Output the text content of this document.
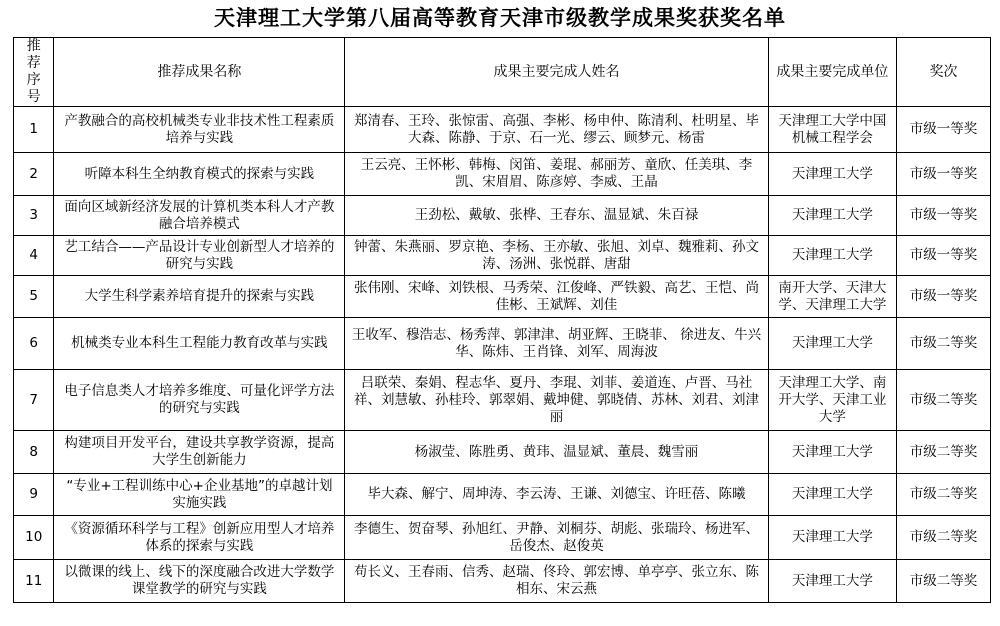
天津理工大学第八届高等教育天津市级教学成果奖获奖名单
推荐序号	推荐成果名称	成果主要完成人姓名	成果主要完成单位	奖次
1	产教融合的高校机械类专业非技术性工程素质培养与实践	郑清春、王玲、张惊雷、高强、李彬、杨申仲、陈清利、杜明星、毕大森、陈静、于京、石一光、缪云、顾梦元、杨雷	天津理工大学中国机械工程学会	市级一等奖
2	听障本科生全纳教育模式的探索与实践	王云亮、王怀彬、韩梅、闵笛、姜琨、郝丽芳、童欣、任美琪、李凯、宋眉眉、陈彦婷、李威、王晶	天津理工大学	市级一等奖
3	面向区域新经济发展的计算机类本科人才产教融合培养模式	王劲松、戴敏、张桦、王春东、温显斌、朱百禄	天津理工大学	市级一等奖
4	艺工结合——产品设计专业创新型人才培养的研究与实践	钟蕾、朱燕丽、罗京艳、李杨、王亦敏、张旭、刘卓、魏雅莉、孙文涛、汤洲、张悦群、唐甜	天津理工大学	市级一等奖
5	大学生科学素养培育提升的探索与实践	张伟刚、宋峰、刘铁根、马秀荣、江俊峰、严铁毅、高艺、王恺、尚佳彬、王斌辉、刘佳	南开大学、天津大学、天津理工大学	市级一等奖
6	机械类专业本科生工程能力教育改革与实践	王收军、穆浩志、杨秀萍、郭津津、胡亚辉、王晓菲、 徐进友、牛兴华、陈炜、王肖锋、刘军、周海波	天津理工大学	市级二等奖
7	电子信息类人才培养多维度、可量化评学方法的研究与实践	吕联荣、秦娟、程志华、夏丹、李琨、刘菲、姜道连、卢晋、马社祥、刘慧敏、孙桂玲、郭翠娟、戴坤健、郭晓倩、苏林、刘君、刘津丽	天津理工大学、南开大学、天津工业大学	市级二等奖
8	构建项目开发平台，建设共享教学资源，提高大学生创新能力	杨淑莹、陈胜勇、黄玮、温显斌、董晨、魏雪丽	天津理工大学	市级二等奖
9	“专业+工程训练中心+企业基地”的卓越计划实施实践	毕大森、解宁、周坤涛、李云涛、王谦、刘德宝、许旺蓓、陈曦	天津理工大学	市级二等奖
10	《资源循环科学与工程》创新应用型人才培养体系的探索与实践	李德生、贺奋琴、孙旭红、尹静、刘桐芬、胡彪、张瑞玲、杨进军、岳俊杰、赵俊英	天津理工大学	市级二等奖
11	以微课的线上、线下的深度融合改进大学数学课堂教学的研究与实践	苟长义、王春雨、信秀、赵瑞、佟玲、郭宏博、单亭亭、张立东、陈相东、宋云燕	天津理工大学	市级二等奖
